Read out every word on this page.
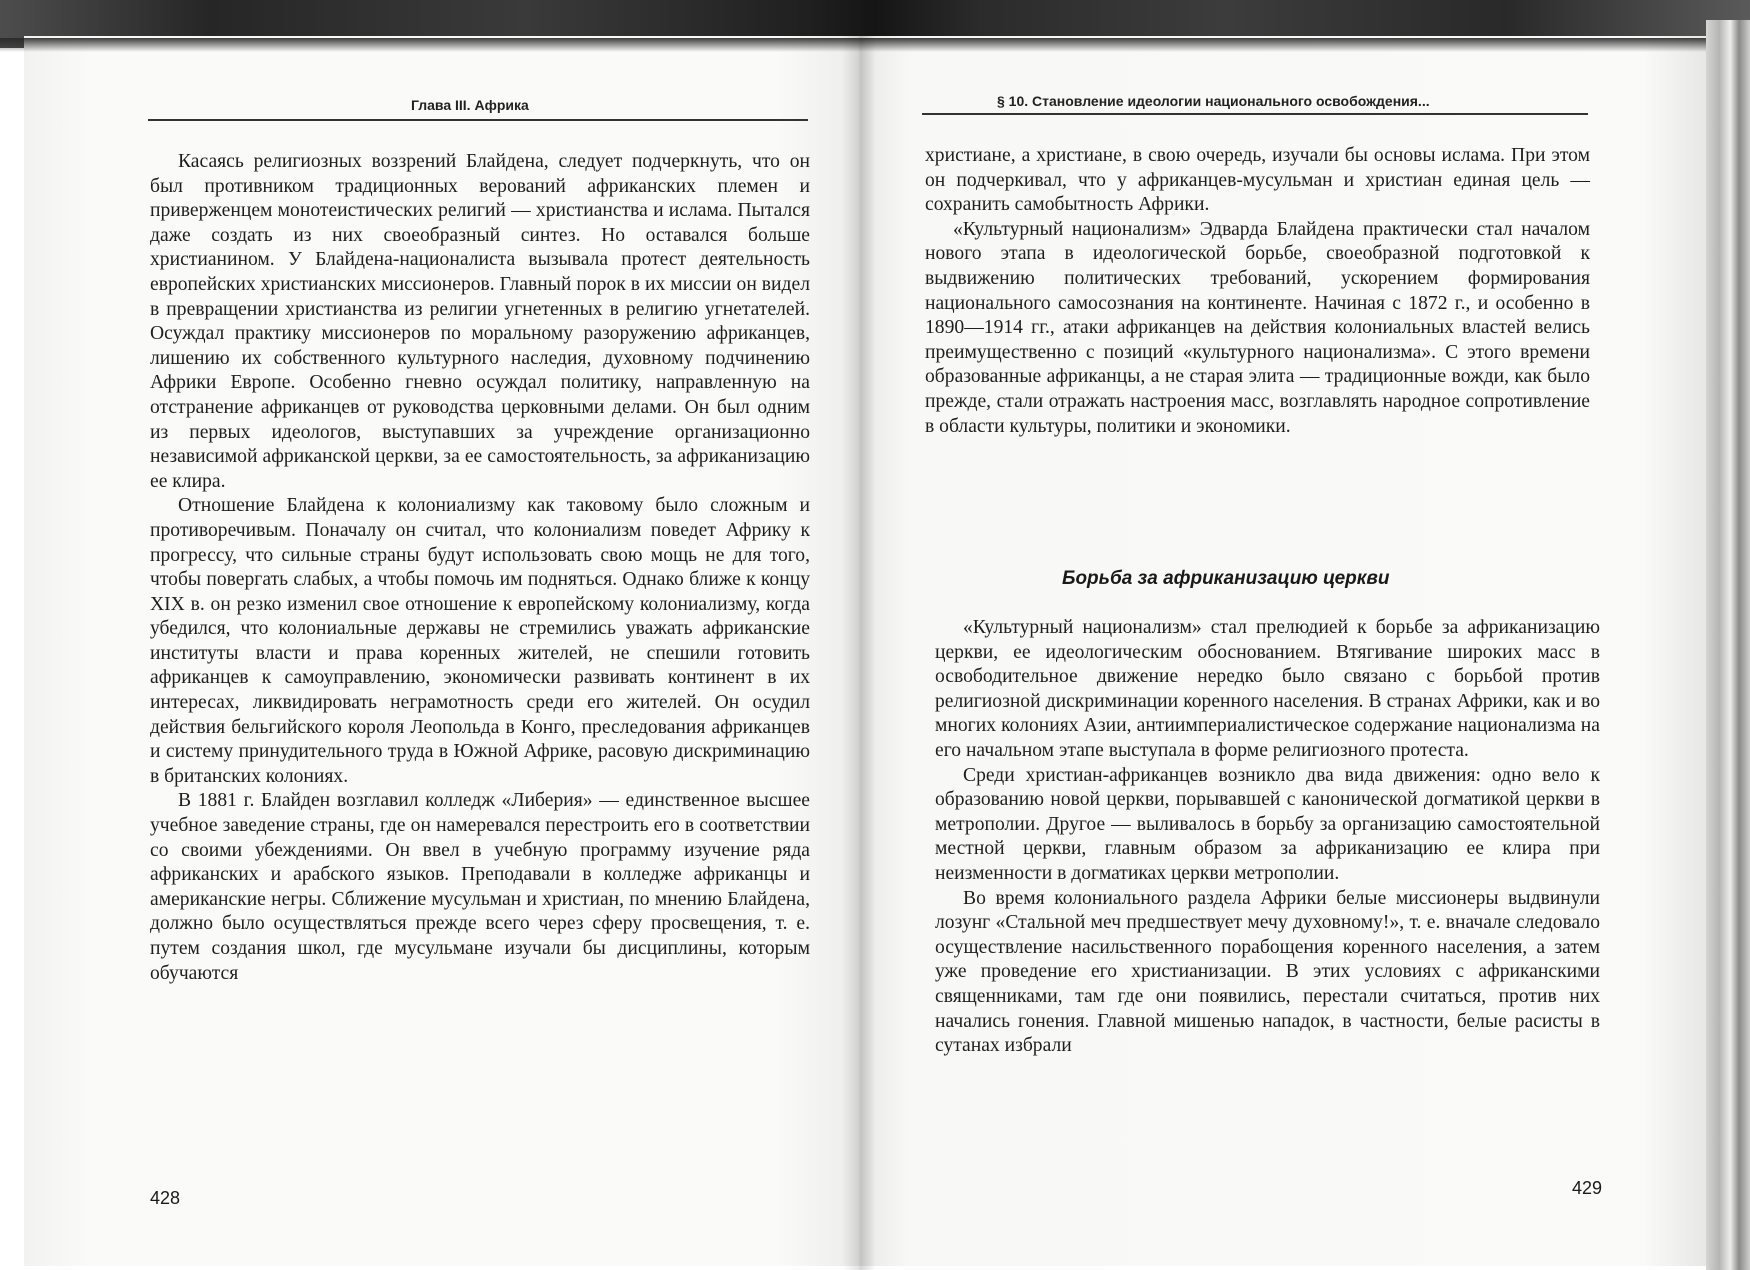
Глава III. Африка

Касаясь религиозных воззрений Блайдена, следует подчеркнуть, что он был противником традиционных верований африканских племен и приверженцем монотеистических религий — христианства и ислама. Пытался даже создать из них своеобразный синтез. Но оставался больше христианином. У Блайдена-националиста вызывала протест деятельность европейских христианских миссионеров. Главный порок в их миссии он видел в превращении христианства из религии угнетенных в религию угнетателей. Осуждал практику миссионеров по моральному разоружению африканцев, лишению их собственного культурного наследия, духовному подчинению Африки Европе. Особенно гневно осуждал политику, направленную на отстранение африканцев от руководства церковными делами. Он был одним из первых идеологов, выступавших за учреждение организационно независимой африканской церкви, за ее самостоятельность, за африканизацию ее клира.

Отношение Блайдена к колониализму как таковому было сложным и противоречивым. Поначалу он считал, что колониализм поведет Африку к прогрессу, что сильные страны будут использовать свою мощь не для того, чтобы повергать слабых, а чтобы помочь им подняться. Однако ближе к концу XIX в. он резко изменил свое отношение к европейскому колониализму, когда убедился, что колониальные державы не стремились уважать африканские институты власти и права коренных жителей, не спешили готовить африканцев к самоуправлению, экономически развивать континент в их интересах, ликвидировать неграмотность среди его жителей. Он осудил действия бельгийского короля Леопольда в Конго, преследования африканцев и систему принудительного труда в Южной Африке, расовую дискриминацию в британских колониях.

В 1881 г. Блайден возглавил колледж «Либерия» — единственное высшее учебное заведение страны, где он намеревался перестроить его в соответствии со своими убеждениями. Он ввел в учебную программу изучение ряда африканских и арабского языков. Преподавали в колледже африканцы и американские негры. Сближение мусульман и христиан, по мнению Блайдена, должно было осуществляться прежде всего через сферу просвещения, т. е. путем создания школ, где мусульмане изучали бы дисциплины, которым обучаются

428
§ 10. Становление идеологии национального освобождения...

христиане, а христиане, в свою очередь, изучали бы основы ислама. При этом он подчеркивал, что у африканцев-мусульман и христиан единая цель — сохранить самобытность Африки.

«Культурный национализм» Эдварда Блайдена практически стал началом нового этапа в идеологической борьбе, своеобразной подготовкой к выдвижению политических требований, ускорением формирования национального самосознания на континенте. Начиная с 1872 г., и особенно в 1890—1914 гг., атаки африканцев на действия колониальных властей велись преимущественно с позиций «культурного национализма». С этого времени образованные африканцы, а не старая элита — традиционные вожди, как было прежде, стали отражать настроения масс, возглавлять народное сопротивление в области культуры, политики и экономики.

Борьба за африканизацию церкви

«Культурный национализм» стал прелюдией к борьбе за африканизацию церкви, ее идеологическим обоснованием. Втягивание широких масс в освободительное движение нередко было связано с борьбой против религиозной дискриминации коренного населения. В странах Африки, как и во многих колониях Азии, антиимпериалистическое содержание национализма на его начальном этапе выступала в форме религиозного протеста.

Среди христиан-африканцев возникло два вида движения: одно вело к образованию новой церкви, порывавшей с канонической догматикой церкви в метрополии. Другое — выливалось в борьбу за организацию самостоятельной местной церкви, главным образом за африканизацию ее клира при неизменности в догматиках церкви метрополии.

Во время колониального раздела Африки белые миссионеры выдвинули лозунг «Стальной меч предшествует мечу духовному!», т. е. вначале следовало осуществление насильственного порабощения коренного населения, а затем уже проведение его христианизации. В этих условиях с африканскими священниками, там где они появились, перестали считаться, против них начались гонения. Главной мишенью нападок, в частности, белые расисты в сутанах избрали

429
